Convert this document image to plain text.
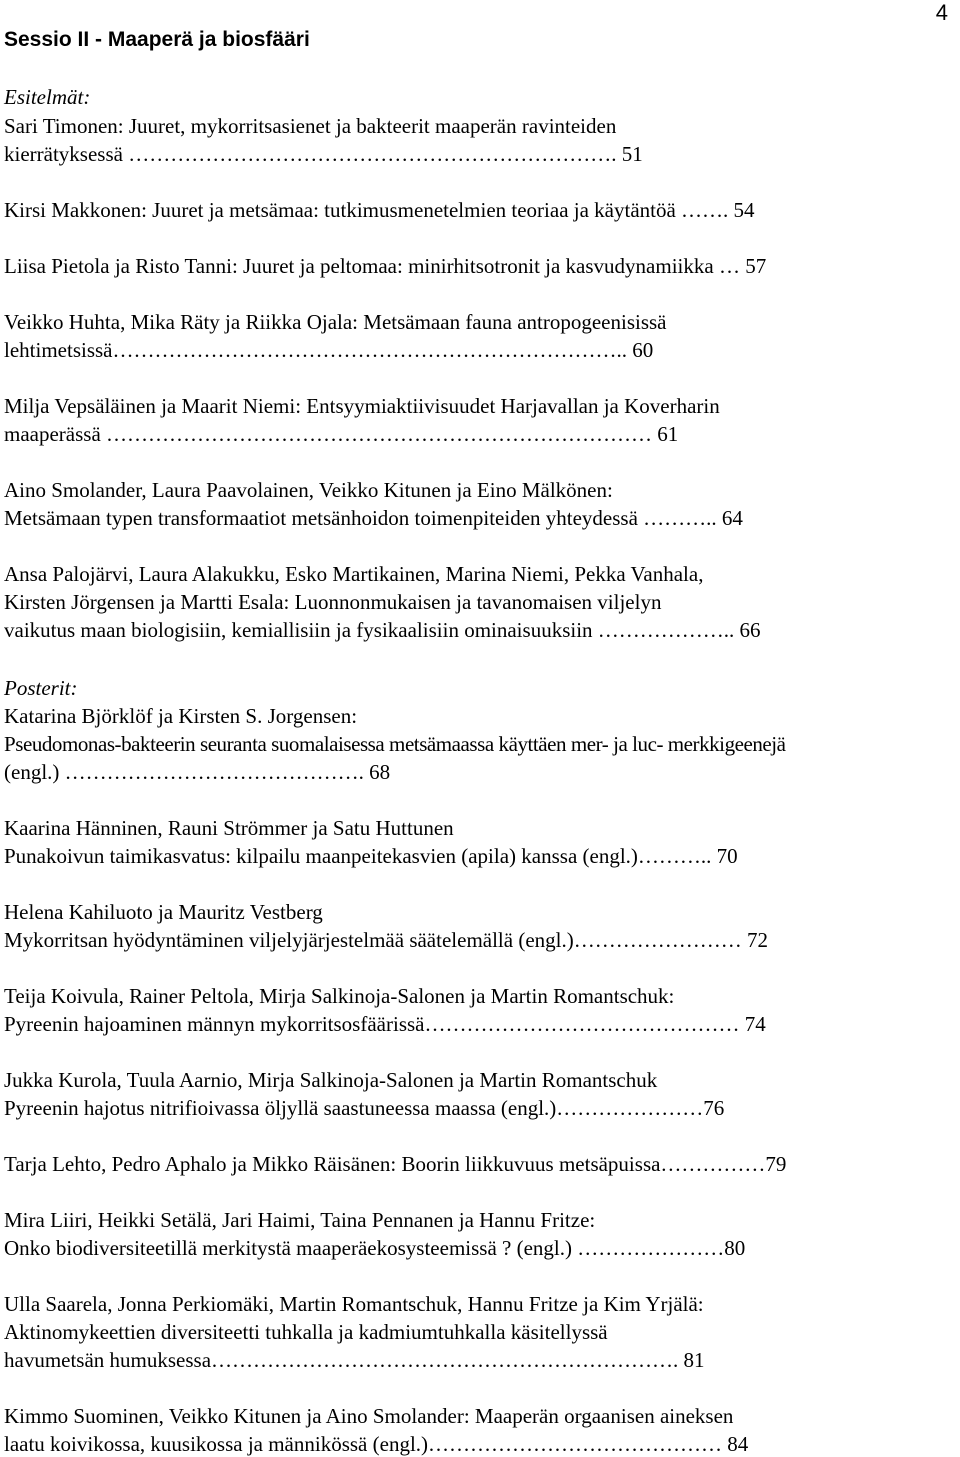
4
Sessio II - Maaperä ja biosfääri
Esitelmät:
Sari Timonen: Juuret, mykorritsasienet ja bakteerit maaperän ravinteiden
kierrätyksessä ……………………………………………………………. 51
Kirsi Makkonen: Juuret ja metsämaa: tutkimusmenetelmien teoriaa ja käytäntöä ……. 54
Liisa Pietola ja Risto Tanni: Juuret ja peltomaa: minirhitsotronit ja kasvudynamiikka … 57
Veikko Huhta, Mika Räty ja Riikka Ojala: Metsämaan fauna antropogeenisissä
lehtimetsissä……………………………………………………………….. 60
Milja Vepsäläinen ja Maarit Niemi: Entsyymiaktiivisuudet Harjavallan ja Koverharin
maaperässä …………………………………………………………………… 61
Aino Smolander, Laura Paavolainen, Veikko Kitunen ja Eino Mälkönen:
Metsämaan typen transformaatiot metsänhoidon toimenpiteiden yhteydessä ……….. 64
Ansa Palojärvi, Laura Alakukku, Esko Martikainen, Marina Niemi, Pekka Vanhala,
Kirsten Jörgensen ja Martti Esala: Luonnonmukaisen ja tavanomaisen viljelyn
vaikutus maan biologisiin, kemiallisiin ja fysikaalisiin ominaisuuksiin ……………….. 66
Posterit:
Katarina Björklöf ja Kirsten S. Jorgensen:
Pseudomonas-bakteerin seuranta suomalaisessa metsämaassa käyttäen mer- ja luc- merkkigeenejä
(engl.) ……………………………………. 68
Kaarina Hänninen, Rauni Strömmer ja Satu Huttunen
Punakoivun taimikasvatus: kilpailu maanpeitekasvien (apila) kanssa (engl.)……….. 70
Helena Kahiluoto ja Mauritz Vestberg
Mykorritsan hyödyntäminen viljelyjärjestelmää säätelemällä (engl.)…………………… 72
Teija Koivula, Rainer Peltola, Mirja Salkinoja-Salonen ja Martin Romantschuk:
Pyreenin hajoaminen männyn mykorritsosfäärissä……………………………………… 74
Jukka Kurola, Tuula Aarnio, Mirja Salkinoja-Salonen ja Martin Romantschuk
Pyreenin hajotus nitrifioivassa öljyllä saastuneessa maassa (engl.)…………………76
Tarja Lehto, Pedro Aphalo ja Mikko Räisänen: Boorin liikkuvuus metsäpuissa……………79
Mira Liiri, Heikki Setälä, Jari Haimi, Taina Pennanen ja Hannu Fritze:
Onko biodiversiteetillä merkitystä maaperäekosysteemissä ? (engl.) …………………80
Ulla Saarela, Jonna Perkiomäki, Martin Romantschuk, Hannu Fritze ja Kim Yrjälä:
Aktinomykeettien diversiteetti tuhkalla ja kadmiumtuhkalla käsitellyssä
havumetsän humuksessa…………………………………………………………. 81
Kimmo Suominen, Veikko Kitunen ja Aino Smolander: Maaperän orgaanisen aineksen
laatu koivikossa, kuusikossa ja männikössä (engl.)…………………………………… 84
